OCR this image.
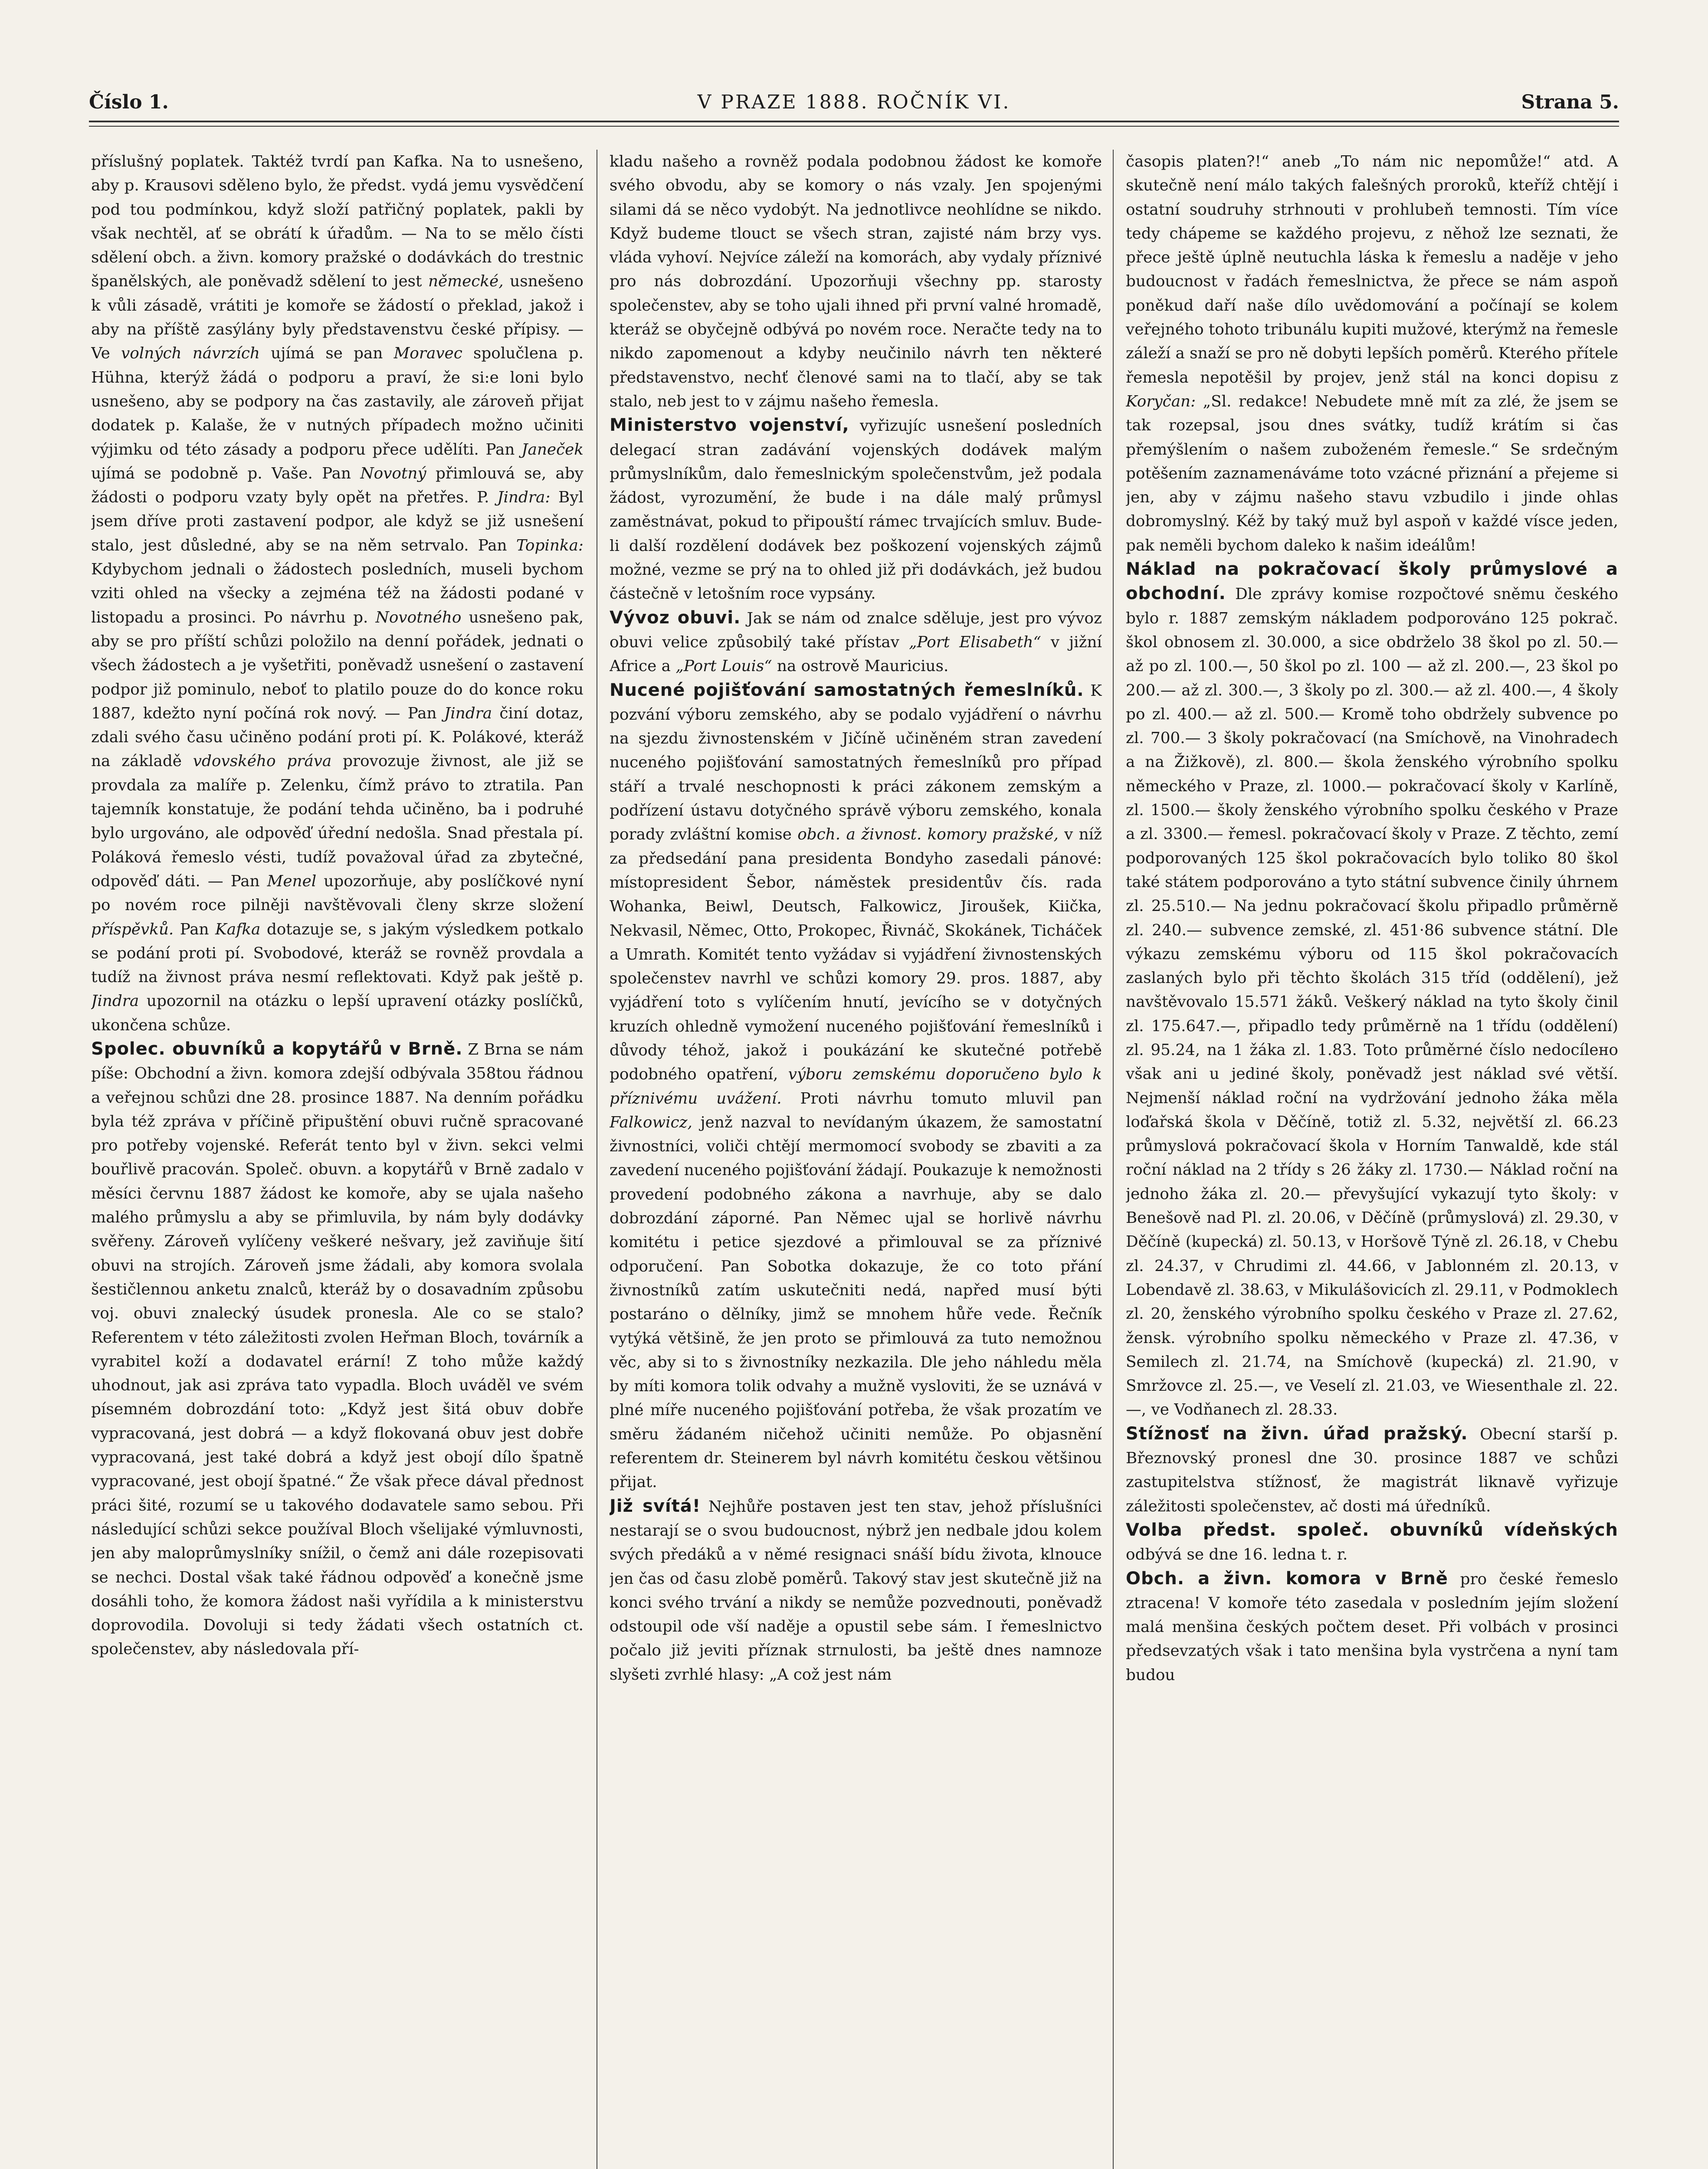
Číslo 1.	V PRAZE 1888. ROČNÍK VI.	Strana 5.

příslušný poplatek. Taktéž tvrdí pan Kafka. Na to usnešeno, aby p. Krausovi sděleno bylo, že předst. vydá jemu vysvědčení pod tou podmínkou, když složí patřičný poplatek, pakli by však nechtěl, ať se obrátí k úřadům. — Na to se mělo čísti sdělení obch. a živn. komory pražské o dodávkách do trestnic španělských, ale poněvadž sdělení to jest německé, usnešeno k vůli zásadě, vrátiti je komoře se žádostí o překlad, jakož i aby na příště zasýlány byly představenstvu české přípisy. — Ve volných návrzích ujímá se pan Moravec spolučlena p. Hühna, kterýž žádá o podporu a praví, že si:e loni bylo usnešeno, aby se podpory na čas zastavily, ale zároveň přijat dodatek p. Kalaše, že v nutných případech možno učiniti výjimku od této zásady a podporu přece udělíti. Pan Janeček ujímá se podobně p. Vaše. Pan Novotný přimlouvá se, aby žádosti o podporu vzaty byly opět na přetřes. P. Jindra: Byl jsem dříve proti zastavení podpor, ale když se již usnešení stalo, jest důsledné, aby se na něm setrvalo. Pan Topinka: Kdybychom jednali o žádostech posledních, museli bychom vziti ohled na všecky a zejména též na žádosti podané v listopadu a prosinci. Po návrhu p. Novotného usnešeno pak, aby se pro příští schůzi položilo na denní pořádek, jednati o všech žádostech a je vyšetřiti, poněvadž usnešení o zastavení podpor již pominulo, neboť to platilo pouze do do konce roku 1887, kdežto nyní počíná rok nový. — Pan Jindra činí dotaz, zdali svého času učiněno podání proti pí. K. Polákové, kteráž na základě vdovského práva provozuje živnost, ale již se provdala za malíře p. Zelenku, čímž právo to ztratila. Pan tajemník konstatuje, že podání tehda učiněno, ba i podruhé bylo urgováno, ale odpověď úřední nedošla. Snad přestala pí. Poláková řemeslo vésti, tudíž považoval úřad za zbytečné, odpověď dáti. — Pan Menel upozorňuje, aby poslíčkové nyní po novém roce pilněji navštěvovali členy skrze složení příspěvků. Pan Kafka dotazuje se, s jakým výsledkem potkalo se podání proti pí. Svobodové, kteráž se rovněž provdala a tudíž na živnost práva nesmí reflektovati. Když pak ještě p. Jindra upozornil na otázku o lepší upravení otázky poslíčků, ukončena schůze.

Spolec. obuvníků a kopytářů v Brně. Z Brna se nám píše: Obchodní a živn. komora zdejší odbývala 358tou řádnou a veřejnou schůzi dne 28. prosince 1887. Na denním pořádku byla též zpráva v příčině připuštění obuvi ručně spracované pro potřeby vojenské. Referát tento byl v živn. sekci velmi bouřlivě pracován. Společ. obuvn. a kopytářů v Brně zadalo v měsíci červnu 1887 žádost ke komoře, aby se ujala našeho malého průmyslu a aby se přimluvila, by nám byly dodávky svěřeny. Zároveň vylíčeny veškeré nešvary, jež zaviňuje šití obuvi na strojích. Zároveň jsme žádali, aby komora svolala šestičlennou anketu znalců, kteráž by o dosavadním způsobu voj. obuvi znalecký úsudek pronesla. Ale co se stalo? Referentem v této záležitosti zvolen Heřman Bloch, továrník a vyrabitel koží a dodavatel erární! Z toho může každý uhodnout, jak asi zpráva tato vypadla. Bloch uváděl ve svém písemném dobrozdání toto: „Když jest šitá obuv dobře vypracovaná, jest dobrá — a když flokovaná obuv jest dobře vypracovaná, jest také dobrá a když jest obojí dílo špatně vypracované, jest obojí špatné.“ Že však přece dával přednost práci šité, rozumí se u takového dodavatele samo sebou. Při následující schůzi sekce používal Bloch všelijaké výmluvnosti, jen aby maloprůmyslníky snížil, o čemž ani dále rozepisovati se nechci. Dostal však také řádnou odpověď a konečně jsme dosáhli toho, že komora žádost naši vyřídila a k ministerstvu doprovodila. Dovoluji si tedy žádati všech ostatních ct. společenstev, aby následovala pří-

kladu našeho a rovněž podala podobnou žádost ke komoře svého obvodu, aby se komory o nás vzaly. Jen spojenými silami dá se něco vydobýt. Na jednotlivce neohlídne se nikdo. Když budeme tlouct se všech stran, zajisté nám brzy vys. vláda vyhoví. Nejvíce záleží na komorách, aby vydaly příznivé pro nás dobrozdání. Upozorňuji všechny pp. starosty společenstev, aby se toho ujali ihned při první valné hromadě, kteráž se obyčejně odbývá po novém roce. Neračte tedy na to nikdo zapomenout a kdyby neučinilo návrh ten některé představenstvo, nechť členové sami na to tlačí, aby se tak stalo, neb jest to v zájmu našeho řemesla.

Ministerstvo vojenství, vyřizujíc usnešení posledních delegací stran zadávání vojenských dodávek malým průmyslníkům, dalo řemeslnickým společenstvům, jež podala žádost, vyrozumění, že bude i na dále malý průmysl zaměstnávat, pokud to připouští rámec trvajících smluv. Bude-li další rozdělení dodávek bez poškození vojenských zájmů možné, vezme se prý na to ohled již při dodávkách, jež budou částečně v letošním roce vypsány.

Vývoz obuvi. Jak se nám od znalce sděluje, jest pro vývoz obuvi velice způsobilý také přístav „Port Elisabeth“ v jižní Africe a „Port Louis“ na ostrově Mauricius.

Nucené pojišťování samostatných řemeslníků. K pozvání výboru zemského, aby se podalo vyjádření o návrhu na sjezdu živnostenském v Jičíně učiněném stran zavedení nuceného pojišťování samostatných řemeslníků pro případ stáří a trvalé neschopnosti k práci zákonem zemským a podřízení ústavu dotyčného správě výboru zemského, konala porady zvláštní komise obch. a živnost. komory pražské, v níž za předsedání pana presidenta Bondyho zasedali pánové: místopresident Šebor, náměstek presidentův čís. rada Wohanka, Beiwl, Deutsch, Falkowicz, Jiroušek, Kiička, Nekvasil, Němec, Otto, Prokopec, Řivnáč, Skokánek, Ticháček a Umrath. Komitét tento vyžádav si vyjádření živnostenských společenstev navrhl ve schůzi komory 29. pros. 1887, aby vyjádření toto s vylíčením hnutí, jevícího se v dotyčných kruzích ohledně vymožení nuceného pojišťování řemeslníků i důvody téhož, jakož i poukázání ke skutečné potřebě podobného opatření, výboru zemskému doporučeno bylo k příznivému uvážení. Proti návrhu tomuto mluvil pan Falkowicz, jenž nazval to nevídaným úkazem, že samostatní živnostníci, voliči chtějí mermomocí svobody se zbaviti a za zavedení nuceného pojišťování žádají. Poukazuje k nemožnosti provedení podobného zákona a navrhuje, aby se dalo dobrozdání záporné. Pan Němec ujal se horlivě návrhu komitétu i petice sjezdové a přimlouval se za příznivé odporučení. Pan Sobotka dokazuje, že co toto přání živnostníků zatím uskutečniti nedá, napřed musí býti postaráno o dělníky, jimž se mnohem hůře vede. Řečník vytýká většině, že jen proto se přimlouvá za tuto nemožnou věc, aby si to s živnostníky nezkazila. Dle jeho náhledu měla by míti komora tolik odvahy a mužně vysloviti, že se uznává v plné míře nuceného pojišťování potřeba, že však prozatím ve směru žádaném ničehož učiniti nemůže. Po objasnění referentem dr. Steinerem byl návrh komitétu českou většinou přijat.

Již svítá! Nejhůře postaven jest ten stav, jehož příslušníci nestarají se o svou budoucnost, nýbrž jen nedbale jdou kolem svých předáků a v němé resignaci snáší bídu života, klnouce jen čas od času zlobě poměrů. Takový stav jest skutečně již na konci svého trvání a nikdy se nemůže pozvednouti, poněvadž odstoupil ode vší naděje a opustil sebe sám. I řemeslnictvo počalo již jeviti příznak strnulosti, ba ještě dnes namnoze slyšeti zvrhlé hlasy: „A což jest nám

časopis platen?!“ aneb „To nám nic nepomůže!“ atd. A skutečně není málo takých falešných proroků, kteříž chtějí i ostatní soudruhy strhnouti v prohlubeň temnosti. Tím více tedy chápeme se každého projevu, z něhož lze seznati, že přece ještě úplně neutuchla láska k řemeslu a naděje v jeho budoucnost v řadách řemeslnictva, že přece se nám aspoň poněkud daří naše dílo uvědomování a počínají se kolem veřejného tohoto tribunálu kupiti mužové, kterýmž na řemesle záleží a snaží se pro ně dobyti lepších poměrů. Kterého přítele řemesla nepotěšil by projev, jenž stál na konci dopisu z Koryčan: „Sl. redakce! Nebudete mně mít za zlé, že jsem se tak rozepsal, jsou dnes svátky, tudíž krátím si čas přemýšlením o našem zuboženém řemesle.“ Se srdečným potěšením zaznamenáváme toto vzácné přiznání a přejeme si jen, aby v zájmu našeho stavu vzbudilo i jinde ohlas dobromyslný. Kéž by taký muž byl aspoň v každé vísce jeden, pak neměli bychom daleko k našim ideálům!

Náklad na pokračovací školy průmyslové a obchodní. Dle zprávy komise rozpočtové sněmu českého bylo r. 1887 zemským nákladem podporováno 125 pokrač. škol obnosem zl. 30.000, a sice obdrželo 38 škol po zl. 50.— až po zl. 100.—, 50 škol po zl. 100 — až zl. 200.—, 23 škol po 200.— až zl. 300.—, 3 školy po zl. 300.— až zl. 400.—, 4 školy po zl. 400.— až zl. 500.— Kromě toho obdržely subvence po zl. 700.— 3 školy pokračovací (na Smíchově, na Vinohradech a na Žižkově), zl. 800.— škola ženského výrobního spolku německého v Praze, zl. 1000.— pokračovací školy v Karlíně, zl. 1500.— školy ženského výrobního spolku českého v Praze a zl. 3300.— řemesl. pokračovací školy v Praze. Z těchto, zemí podporovaných 125 škol pokračovacích bylo toliko 80 škol také státem podporováno a tyto státní subvence činily úhrnem zl. 25.510.— Na jednu pokračovací školu připadlo průměrně zl. 240.— subvence zemské, zl. 451·86 subvence státní. Dle výkazu zemskému výboru od 115 škol pokračovacích zaslaných bylo při těchto školách 315 tříd (oddělení), jež navštěvovalo 15.571 žáků. Veškerý náklad na tyto školy činil zl. 175.647.—, připadlo tedy průměrně na 1 třídu (oddělení) zl. 95.24, na 1 žáka zl. 1.83. Toto průměrné číslo nedocílено však ani u jediné školy, poněvadž jest náklad své větší. Nejmenší náklad roční na vydržování jednoho žáka měla loďařská škola v Děčíně, totiž zl. 5.32, největší zl. 66.23 průmyslová pokračovací škola v Horním Tanwaldě, kde stál roční náklad na 2 třídy s 26 žáky zl. 1730.— Náklad roční na jednoho žáka zl. 20.— převyšující vykazují tyto školy: v Benešově nad Pl. zl. 20.06, v Děčíně (průmyslová) zl. 29.30, v Děčíně (kupecká) zl. 50.13, v Horšově Týně zl. 26.18, v Chebu zl. 24.37, v Chrudimi zl. 44.66, v Jablonném zl. 20.13, v Lobendavě zl. 38.63, v Mikulášovicích zl. 29.11, v Podmoklech zl. 20, ženského výrobního spolku českého v Praze zl. 27.62, žensk. výrobního spolku německého v Praze zl. 47.36, v Semilech zl. 21.74, na Smíchově (kupecká) zl. 21.90, v Smržovce zl. 25.—, ve Veselí zl. 21.03, ve Wiesenthale zl. 22.—, ve Vodňanech zl. 28.33.

Stížnosť na živn. úřad pražský. Obecní starší p. Březnovský pronesl dne 30. prosince 1887 ve schůzi zastupitelstva stížnosť, že magistrát liknavě vyřizuje záležitosti společenstev, ač dosti má úředníků.

Volba předst. společ. obuvníků vídeňských odbývá se dne 16. ledna t. r.

Obch. a živn. komora v Brně pro české řemeslo ztracena! V komoře této zasedala v posledním jejím složení malá menšina českých počtem deset. Při volbách v prosinci předsevzatých však i tato menšina byla vystrčena a nyní tam budou
